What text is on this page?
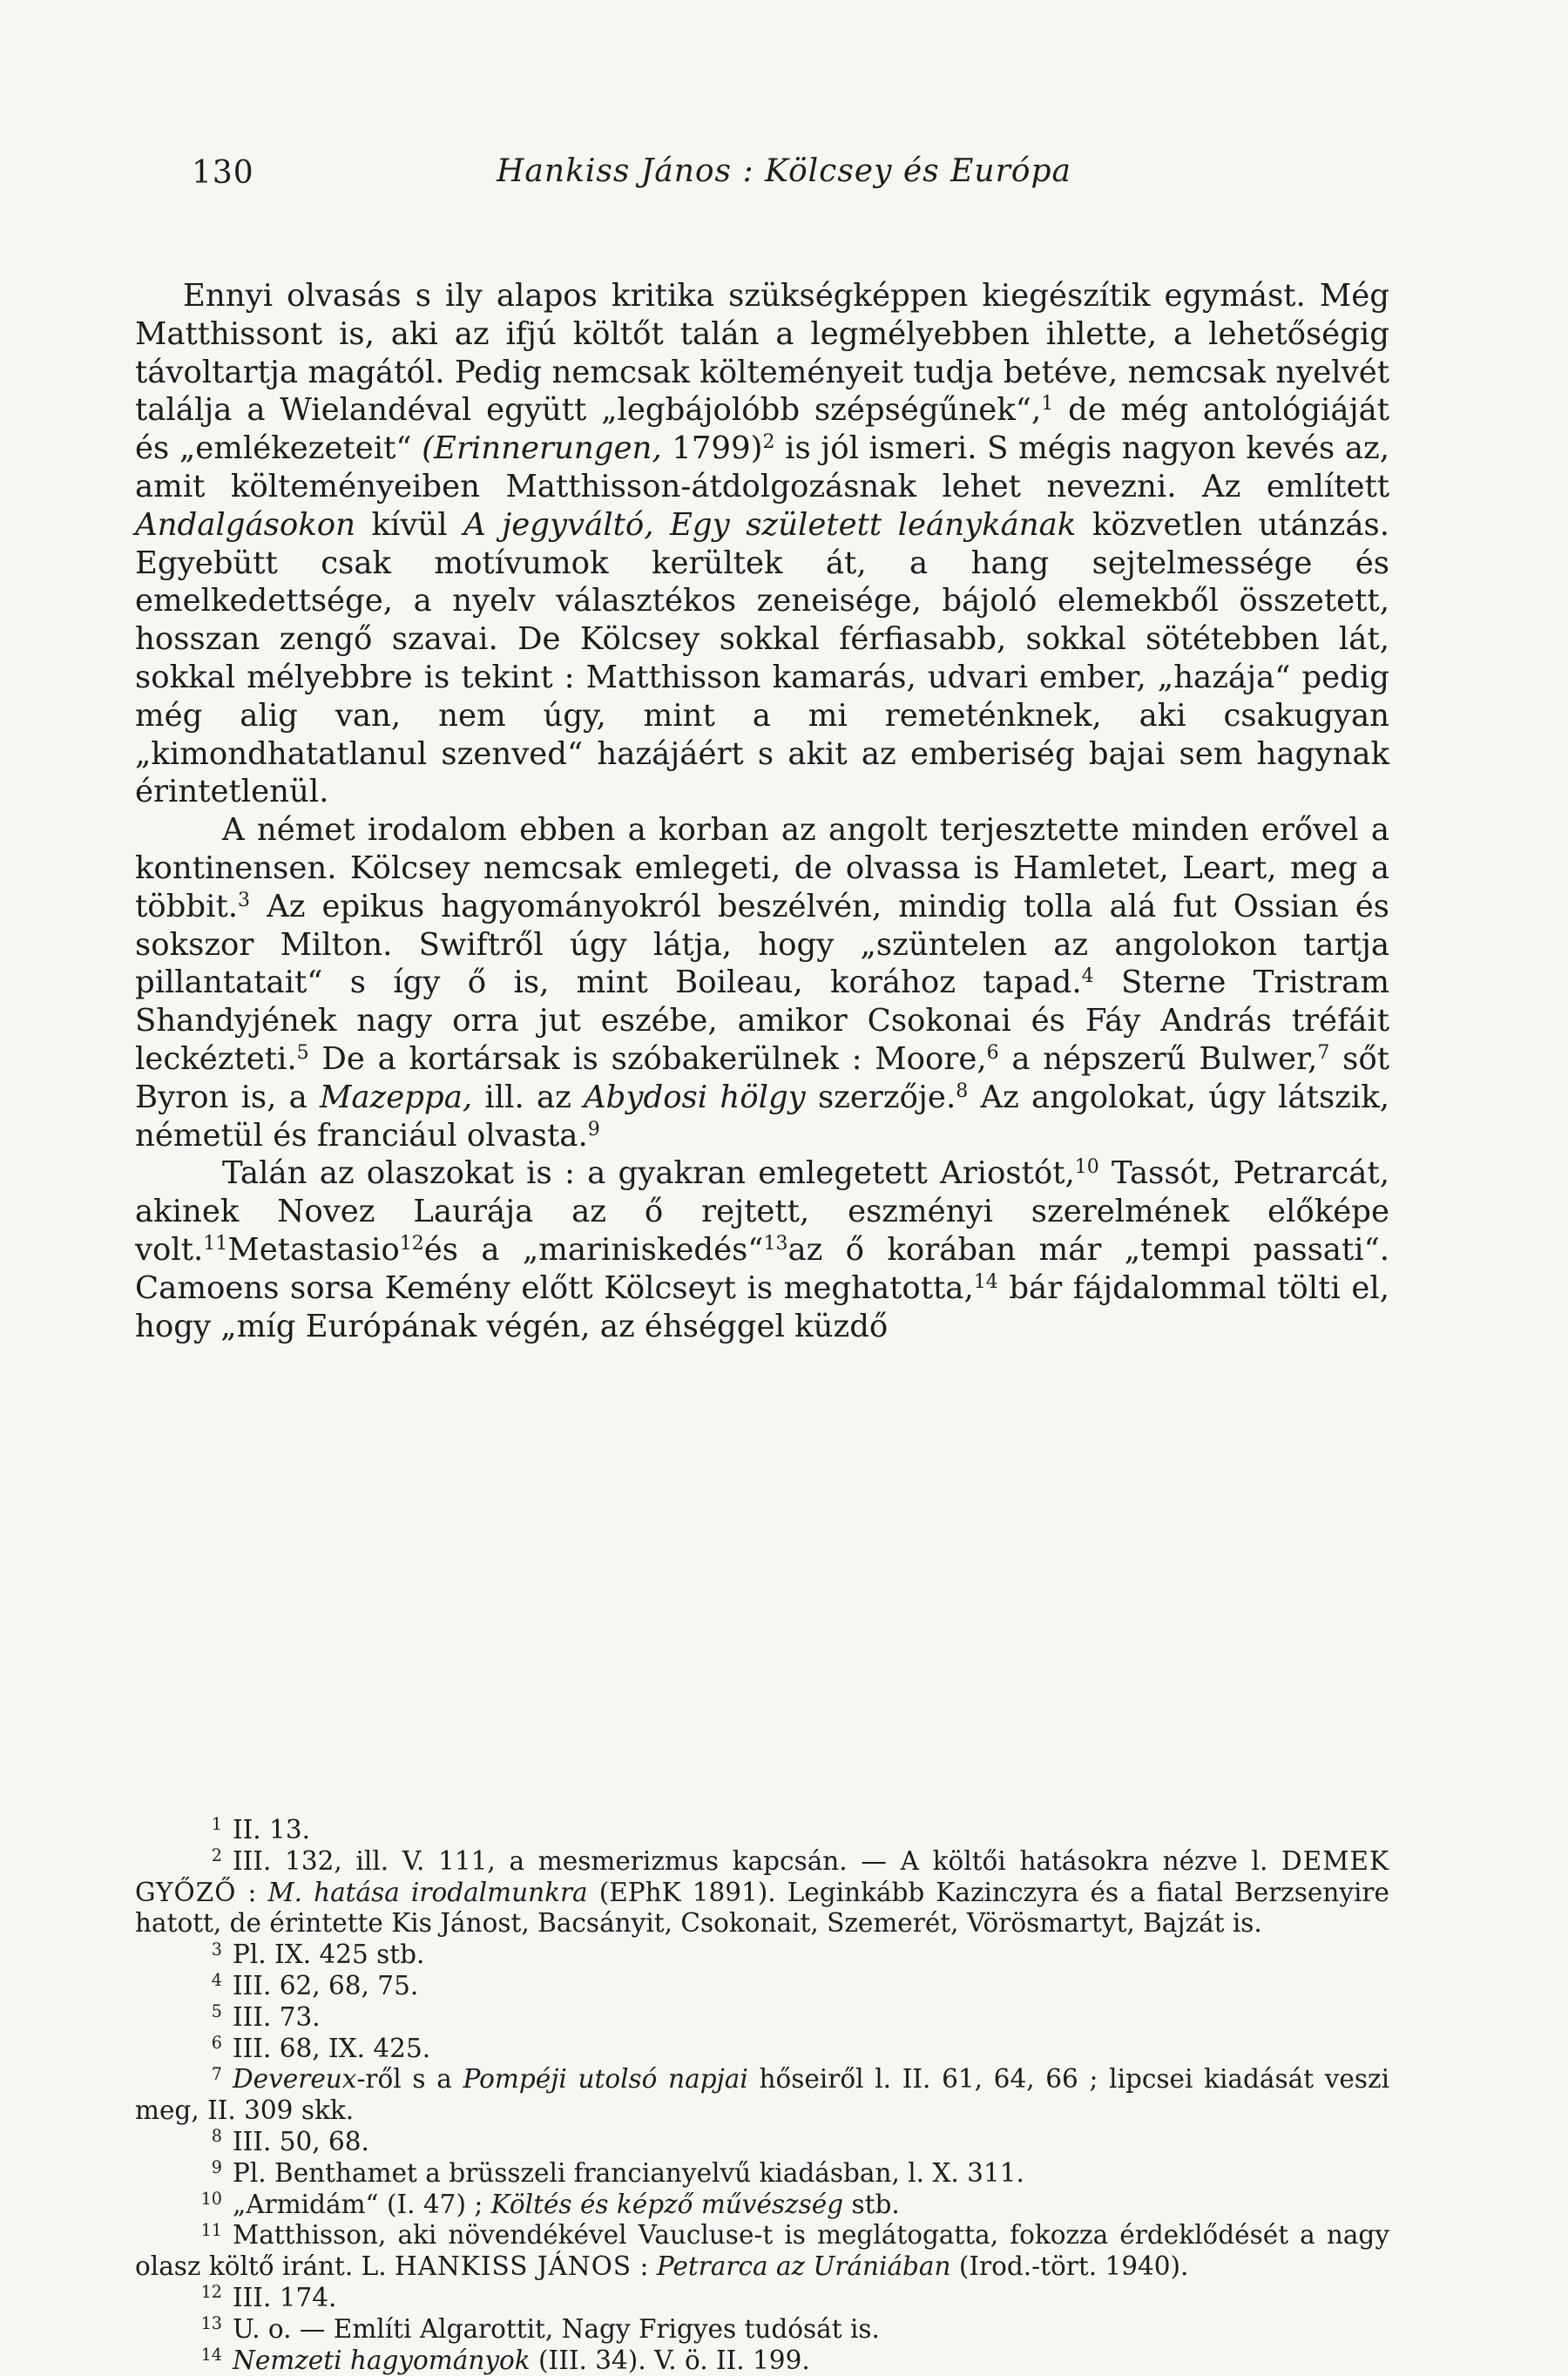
130	Hankiss János : Kölcsey és Európa

Ennyi olvasás s ily alapos kritika szükségképpen kiegészítik egymást. Még Matthissont is, aki az ifjú költőt talán a legmélyebben ihlette, a lehetőségig távoltartja magától. Pedig nemcsak költeményeit tudja betéve, nemcsak nyelvét találja a Wielandéval együtt „legbájolóbb szépségűnek“,$^1$ de még antológiáját és „emlékezeteit“ (Erinnerungen, 1799)$^2$ is jól ismeri. S mégis nagyon kevés az, amit költeményeiben Matthisson-átdolgozásnak lehet nevezni. Az említett Andalgásokon kívül A jegyváltó, Egy született leánykának közvetlen utánzás. Egyebütt csak motívumok kerültek át, a hang sejtelmessége és emelkedettsége, a nyelv választékos zeneisége, bájoló elemekből összetett, hosszan zengő szavai. De Kölcsey sokkal férfiasabb, sokkal sötétebben lát, sokkal mélyebbre is tekint : Matthisson kamarás, udvari ember, „hazája“ pedig még alig van, nem úgy, mint a mi remeténknek, aki csakugyan „kimondhatatlanul szenved“ hazájáért s akit az emberiség bajai sem hagynak érintetlenül.

A német irodalom ebben a korban az angolt terjesztette minden erővel a kontinensen. Kölcsey nemcsak emlegeti, de olvassa is Hamletet, Leart, meg a többit.$^3$ Az epikus hagyományokról beszélvén, mindig tolla alá fut Ossian és sokszor Milton. Swiftről úgy látja, hogy „szüntelen az angolokon tartja pillantatait“ s így ő is, mint Boileau, korához tapad.$^4$ Sterne Tristram Shandyjének nagy orra jut eszébe, amikor Csokonai és Fáy András tréfáit leckézteti.$^5$ De a kortársak is szóbakerülnek : Moore,$^6$ a népszerű Bulwer,$^7$ sőt Byron is, a Mazeppa, ill. az Abydosi hölgy szerzője.$^8$ Az angolokat, úgy látszik, németül és franciául olvasta.$^9$

Talán az olaszokat is : a gyakran emlegetett Ariostót,$^{10}$ Tassót, Petrarcát, akinek Novez Laurája az ő rejtett, eszményi szerelmének előképe volt.$^{11}$Metastasio$^{12}$és a „mariniskedés“$^{13}$az ő korában már „tempi passati“. Camoens sorsa Kemény előtt Kölcseyt is meghatotta,$^{14}$ bár fájdalommal tölti el, hogy „míg Európának végén, az éhséggel küzdő

1 II. 13.
2 III. 132, ill. V. 111, a mesmerizmus kapcsán. — A költői hatásokra nézve l. DEMEK GYŐZŐ : M. hatása irodalmunkra (EPhK 1891). Leginkább Kazinczyra és a fiatal Berzsenyire hatott, de érintette Kis Jánost, Bacsányit, Csokonait, Szemerét, Vörösmartyt, Bajzát is.
3 Pl. IX. 425 stb.
4 III. 62, 68, 75.
5 III. 73.
6 III. 68, IX. 425.
7 Devereux-ről s a Pompéji utolsó napjai hőseiről l. II. 61, 64, 66 ; lipcsei kiadását veszi meg, II. 309 skk.
8 III. 50, 68.
9 Pl. Benthamet a brüsszeli francianyelvű kiadásban, l. X. 311.
10 „Armidám“ (I. 47) ; Költés és képző művészség stb.
11 Matthisson, aki növendékével Vaucluse-t is meglátogatta, fokozza érdeklődését a nagy olasz költő iránt. L. HANKISS JÁNOS : Petrarca az Urániában (Irod.-tört. 1940).
12 III. 174.
13 U. o. — Említi Algarottit, Nagy Frigyes tudósát is.
14 Nemzeti hagyományok (III. 34). V. ö. II. 199.
